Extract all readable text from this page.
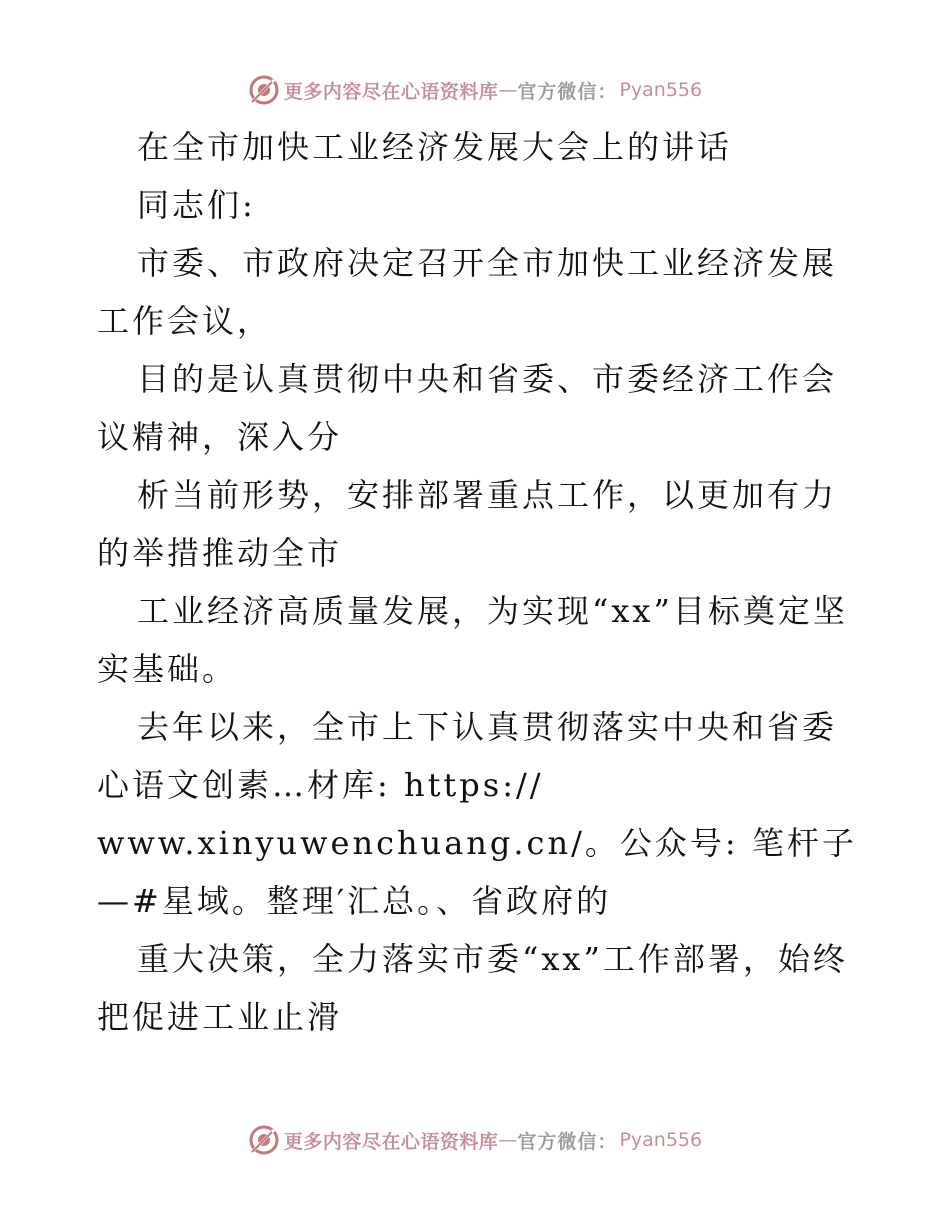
更多内容尽在心语资料库 — 官方微信： Pyan556

在全市加快工业经济发展大会上的讲话

同志们:

市委、市政府决定召开全市加快工业经济发展工作会议，

目的是认真贯彻中央和省委、市委经济工作会议精神，深入分

析当前形势，安排部署重点工作，以更加有力的举措推动全市

工业经济高质量发展，为实现“xx”目标奠定坚实基础。

去年以来，全市上下认真贯彻落实中央和省委心语文创素…材库: https://

www.xinyuwenchuang.cn/。公众号: 笔杆子—#星域。整理′汇总。、省政府的

重大决策，全力落实市委“xx”工作部署，始终把促进工业止滑

更多内容尽在心语资料库 — 官方微信： Pyan556
